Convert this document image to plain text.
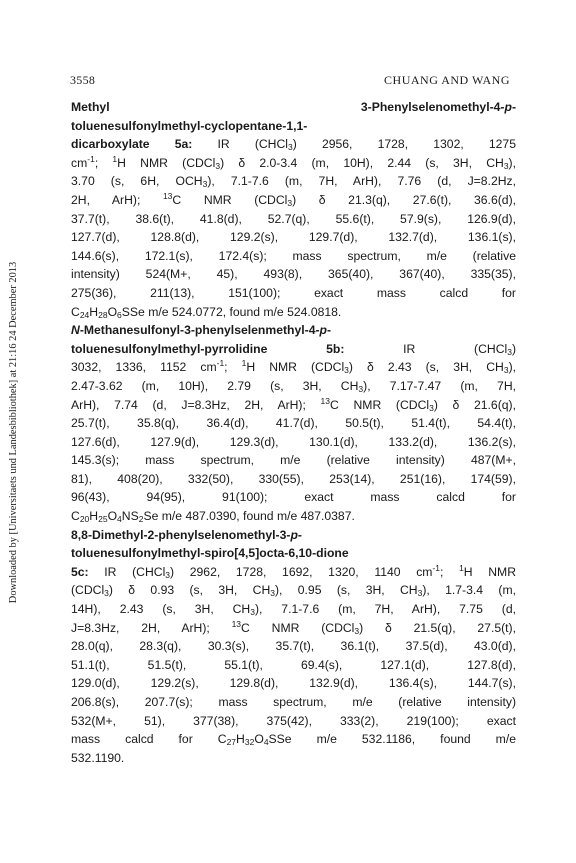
3558	CHUANG AND WANG
Downloaded by [Universitaets und Landesbibliothek] at 21:16 24 December 2013
Methyl 3-Phenylselenomethyl-4-p-
toluenesulfonylmethyl-cyclopentane-1,1-
dicarboxylate 5a: IR (CHCl$_3$) 2956, 1728, 1302, 1275
$cm^{-1}$; $^1$H NMR (CDCl$_3$) δ 2.0-3.4 (m, 10H), 2.44 (s, 3H, $CH_3$),
3.70 (s, 6H, $OCH_3$), 7.1-7.6 (m, 7H, ArH), 7.76 (d, J=8.2Hz,
2H, ArH); $^{13}$C NMR (CDCl$_3$) δ 21.3(q), 27.6(t), 36.6(d),
37.7(t), 38.6(t), 41.8(d), 52.7(q), 55.6(t), 57.9(s), 126.9(d),
127.7(d), 128.8(d), 129.2(s), 129.7(d), 132.7(d), 136.1(s),
144.6(s), 172.1(s), 172.4(s); mass spectrum, m/e (relative
intensity) 524(M+, 45), 493(8), 365(40), 367(40), 335(35),
275(36), 211(13), 151(100); exact mass calcd for
$C_{24}H_{28}O_6SSe$ m/e 524.0772, found m/e 524.0818.
N-Methanesulfonyl-3-phenylselenmethyl-4-p-
toluenesulfonylmethyl-pyrrolidine 5b: IR (CHCl$_3$)
3032, 1336, 1152 $cm^{-1}$; $^1$H NMR (CDCl$_3$) δ 2.43 (s, 3H, $CH_3$),
2.47-3.62 (m, 10H), 2.79 (s, 3H, $CH_3$), 7.17-7.47 (m, 7H,
ArH), 7.74 (d, J=8.3Hz, 2H, ArH); $^{13}$C NMR (CDCl$_3$) δ 21.6(q),
25.7(t), 35.8(q), 36.4(d), 41.7(d), 50.5(t), 51.4(t), 54.4(t),
127.6(d), 127.9(d), 129.3(d), 130.1(d), 133.2(d), 136.2(s),
145.3(s); mass spectrum, m/e (relative intensity) 487(M+,
81), 408(20), 332(50), 330(55), 253(14), 251(16), 174(59),
96(43), 94(95), 91(100); exact mass calcd for
$C_{20}H_{25}O_4NS_2Se$ m/e 487.0390, found m/e 487.0387.
8,8-Dimethyl-2-phenylselenomethyl-3-p-
toluenesulfonylmethyl-spiro[4,5]octa-6,10-dione
5c: IR (CHCl$_3$) 2962, 1728, 1692, 1320, 1140 $cm^{-1}$; $^1$H NMR
(CDCl$_3$) δ 0.93 (s, 3H, $CH_3$), 0.95 (s, 3H, $CH_3$), 1.7-3.4 (m,
14H), 2.43 (s, 3H, $CH_3$), 7.1-7.6 (m, 7H, ArH), 7.75 (d,
J=8.3Hz, 2H, ArH); $^{13}$C NMR (CDCl$_3$) δ 21.5(q), 27.5(t),
28.0(q), 28.3(q), 30.3(s), 35.7(t), 36.1(t), 37.5(d), 43.0(d),
51.1(t), 51.5(t), 55.1(t), 69.4(s), 127.1(d), 127.8(d),
129.0(d), 129.2(s), 129.8(d), 132.9(d), 136.4(s), 144.7(s),
206.8(s), 207.7(s); mass spectrum, m/e (relative intensity)
532(M+, 51), 377(38), 375(42), 333(2), 219(100); exact
mass calcd for $C_{27}H_{32}O_4SSe$ m/e 532.1186, found m/e
532.1190.
